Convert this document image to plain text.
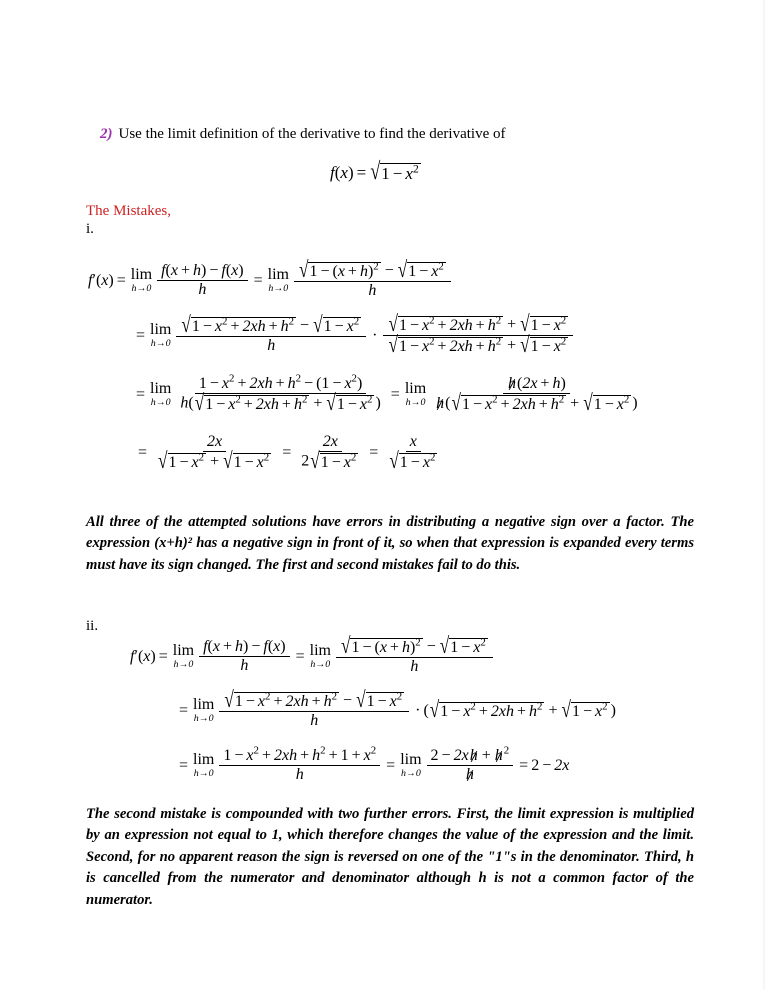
2) Use the limit definition of the derivative to find the derivative of
f ( x ) = √ $1 - x^2$
The Mistakes,
i.
f ′ ( x ) = lim
$h\to 0 \frac{f(x + h) - f(x)}{h} = \lim$
$h\to 0 \frac{√ 1 - (x + h)^2 - √ 1 - x^2}{h}$
= lim
$h\to 0 \frac{√ 1 - x^2 + 2xh + h^2 - √ 1 - x^2}{h} \cdot \frac{√ 1 - x^2 + 2xh + h^2 + √ 1 - x^2}{√ 1 - x^2 + 2xh + h^2 + √ 1 - x^2}$
= lim
$h\to 0 \frac{1 - x^2 + 2xh + h^2 - (1 - x^2)}{h( √ 1 - x^2 + 2xh + h^2 + √ 1 - x^2 )} = \lim$
$h\to 0 \frac{h(2x + h)}{h( √ 1 - x^2 + 2xh + h^2 + √ 1 - x^2 )}$
= $\frac{2x}{√ 1 - x^2 + √ 1 - x^2} = \frac{2x}{2 √ 1 - x^2} = \frac{x}{√ 1 - x^2}$
All three of the attempted solutions have errors in distributing a negative sign over a factor. The expression (x+h)² has a negative sign in front of it, so when that expression is expanded every terms must have its sign changed. The first and second mistakes fail to do this.
ii.
f ′ ( x ) = lim
$h\to 0 \frac{f(x + h) - f(x)}{h} = \lim$
$h\to 0 \frac{√ 1 - (x + h)^2 - √ 1 - x^2}{h}$
= lim
$h\to 0 \frac{√ 1 - x^2 + 2xh + h^2 - √ 1 - x^2}{h}$ · ( √ $1 - x^2 + 2xh + h^2$ + √ $1 - x^2$ )
= lim
$h\to 0 \frac{1 - x^2 + 2xh + h^2 + 1 + x^2}{h} = \lim$
$h\to 0 \frac{2 - 2xh + h^2}{h} = 2 - 2x$
The second mistake is compounded with two further errors. First, the limit expression is multiplied by an expression not equal to 1, which therefore changes the value of the expression and the limit. Second, for no apparent reason the sign is reversed on one of the "1"s in the denominator. Third, h is cancelled from the numerator and denominator although h is not a common factor of the numerator.
